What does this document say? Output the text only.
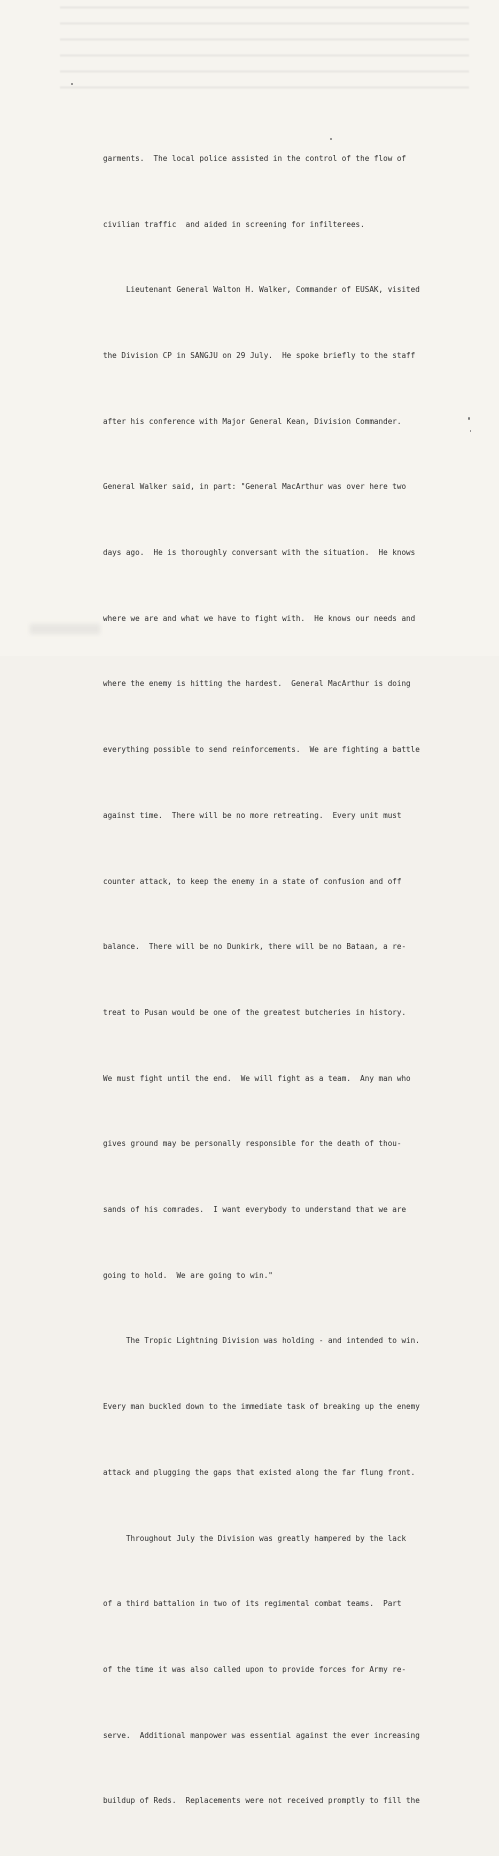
garments.  The local police assisted in the control of the flow of

civilian traffic  and aided in screening for infilterees.

Lieutenant General Walton H. Walker, Commander of EUSAK, visited

the Division CP in SANGJU on 29 July.  He spoke briefly to the staff

after his conference with Major General Kean, Division Commander.

General Walker said, in part: "General MacArthur was over here two

days ago.  He is thoroughly conversant with the situation.  He knows

where we are and what we have to fight with.  He knows our needs and

where the enemy is hitting the hardest.  General MacArthur is doing

everything possible to send reinforcements.  We are fighting a battle

against time.  There will be no more retreating.  Every unit must

counter attack, to keep the enemy in a state of confusion and off

balance.  There will be no Dunkirk, there will be no Bataan, a re-

treat to Pusan would be one of the greatest butcheries in history.

We must fight until the end.  We will fight as a team.  Any man who

gives ground may be personally responsible for the death of thou-

sands of his comrades.  I want everybody to understand that we are

going to hold.  We are going to win."

The Tropic Lightning Division was holding - and intended to win.

Every man buckled down to the immediate task of breaking up the enemy

attack and plugging the gaps that existed along the far flung front.

Throughout July the Division was greatly hampered by the lack

of a third battalion in two of its regimental combat teams.  Part

of the time it was also called upon to provide forces for Army re-

serve.  Additional manpower was essential against the ever increasing

buildup of Reds.  Replacements were not received promptly to fill the
